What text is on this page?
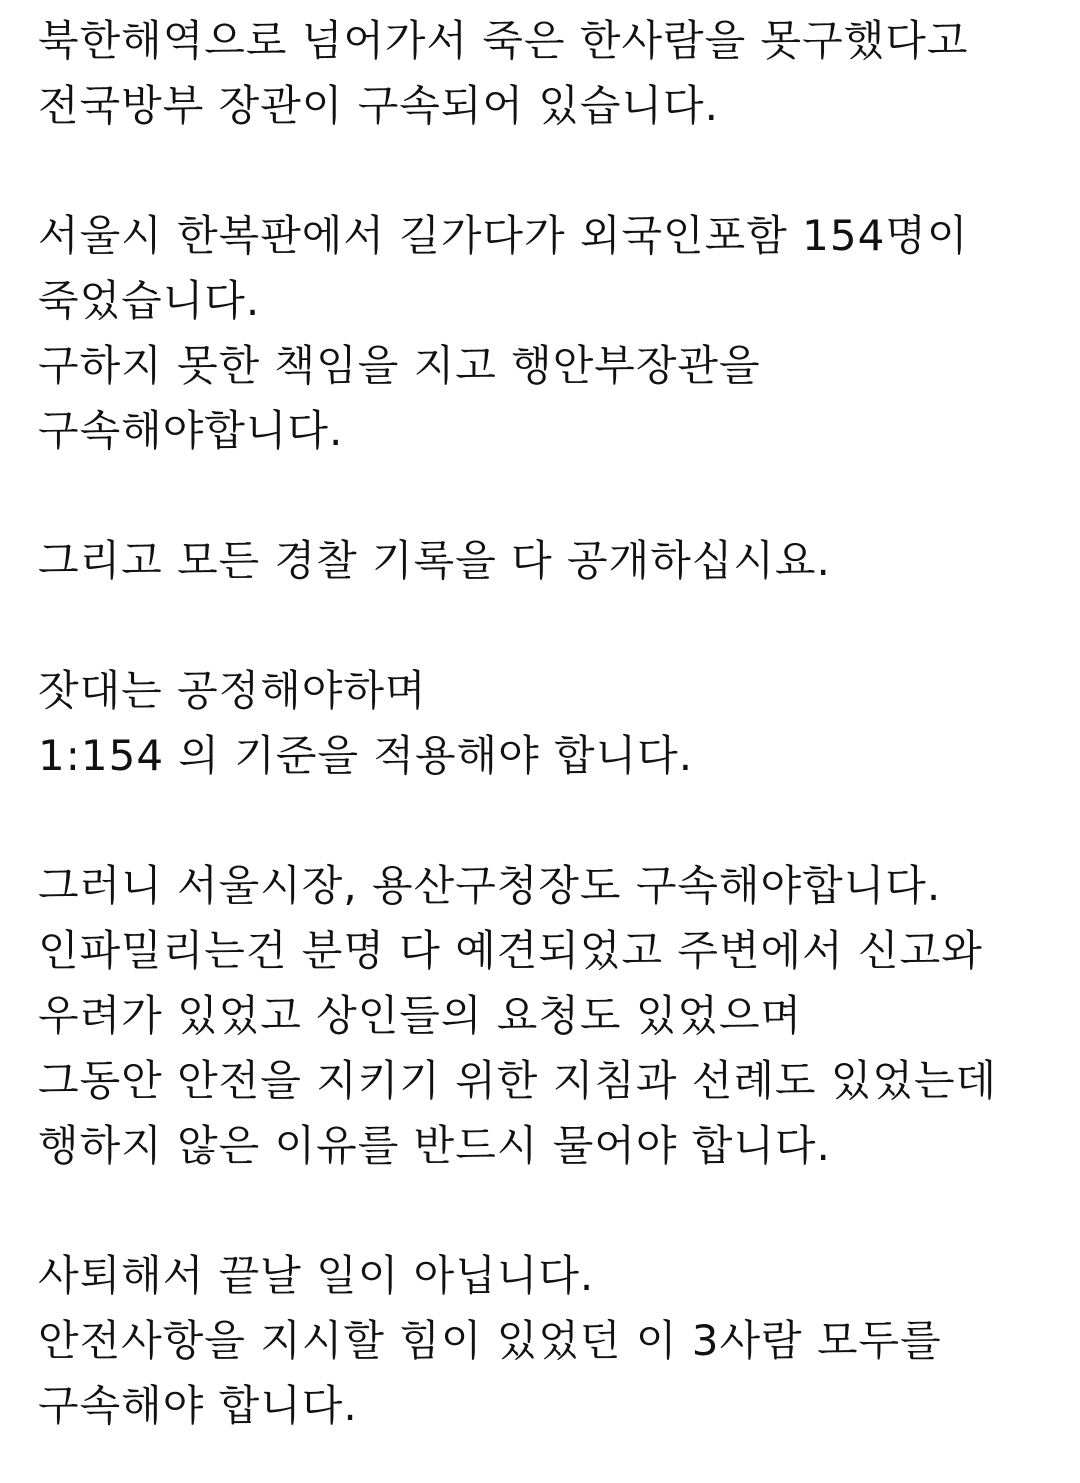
북한해역으로 넘어가서 죽은 한사람을 못구했다고
전국방부 장관이 구속되어 있습니다.
서울시 한복판에서 길가다가 외국인포함 154명이
죽었습니다.
구하지 못한 책임을 지고 행안부장관을
구속해야합니다.
그리고 모든 경찰 기록을 다 공개하십시요.
잣대는 공정해야하며
1:154 의 기준을 적용해야 합니다.
그러니 서울시장, 용산구청장도 구속해야합니다.
인파밀리는건 분명 다 예견되었고 주변에서 신고와
우려가 있었고 상인들의 요청도 있었으며
그동안 안전을 지키기 위한 지침과 선례도 있었는데
행하지 않은 이유를 반드시 물어야 합니다.
사퇴해서 끝날 일이 아닙니다.
안전사항을 지시할 힘이 있었던 이 3사람 모두를
구속해야 합니다.
